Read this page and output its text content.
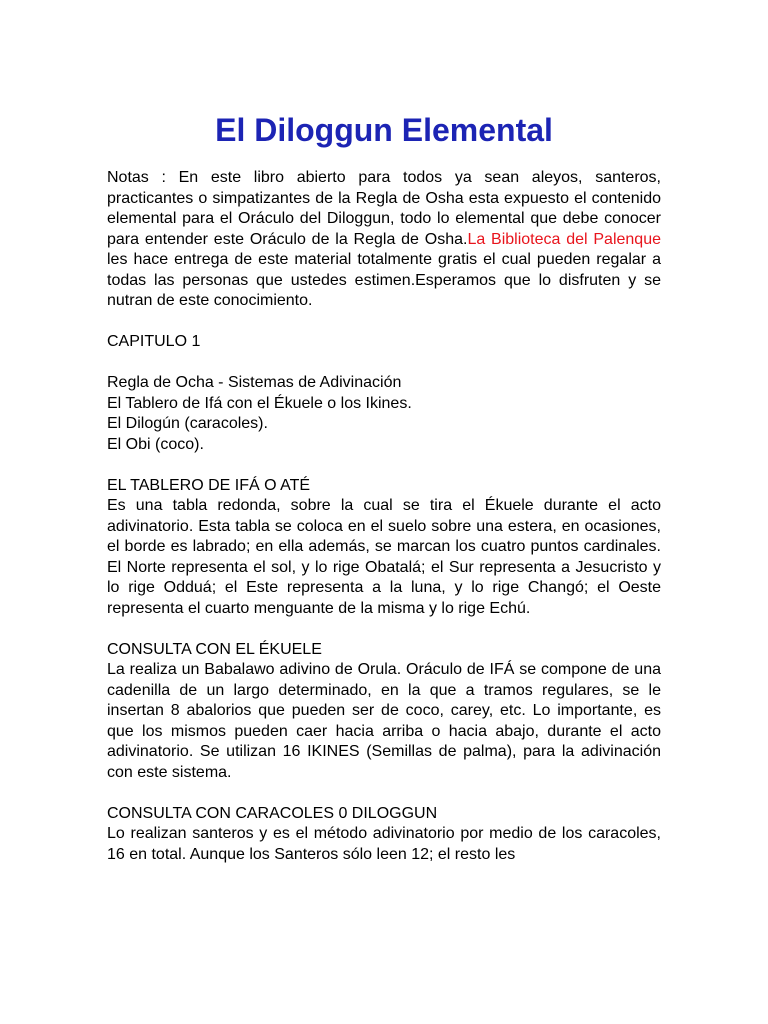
El Diloggun Elemental

Notas : En este libro abierto para todos ya sean aleyos, santeros, practicantes o simpatizantes de la Regla de Osha esta expuesto el contenido elemental para el Oráculo del Diloggun, todo lo elemental que debe conocer para entender este Oráculo de la Regla de Osha.La Biblioteca del Palenque les hace entrega de este material totalmente gratis el cual pueden regalar a todas las personas que ustedes estimen.Esperamos que lo disfruten y se nutran de este conocimiento.

CAPITULO 1

Regla de Ocha - Sistemas de Adivinación

El Tablero de Ifá con el Ékuele o los Ikines.

El Dilogún (caracoles).

El Obi (coco).

EL TABLERO DE IFÁ O ATÉ

Es una tabla redonda, sobre la cual se tira el Ékuele durante el acto adivinatorio. Esta tabla se coloca en el suelo sobre una estera, en ocasiones, el borde es labrado; en ella además, se marcan los cuatro puntos cardinales. El Norte representa el sol, y lo rige Obatalá; el Sur representa a Jesucristo y lo rige Odduá; el Este representa a la luna, y lo rige Changó; el Oeste representa el cuarto menguante de la misma y lo rige Echú.

CONSULTA CON EL ÉKUELE

La realiza un Babalawo adivino de Orula. Oráculo de IFÁ se compone de una cadenilla de un largo determinado, en la que a tramos regulares, se le insertan 8 abalorios que pueden ser de coco, carey, etc. Lo importante, es que los mismos pueden caer hacia arriba o hacia abajo, durante el acto adivinatorio. Se utilizan 16 IKINES (Semillas de palma), para la adivinación con este sistema.

CONSULTA CON CARACOLES 0 DILOGGUN

Lo realizan santeros y es el método adivinatorio por medio de los caracoles, 16 en total. Aunque los Santeros sólo leen 12; el resto les
